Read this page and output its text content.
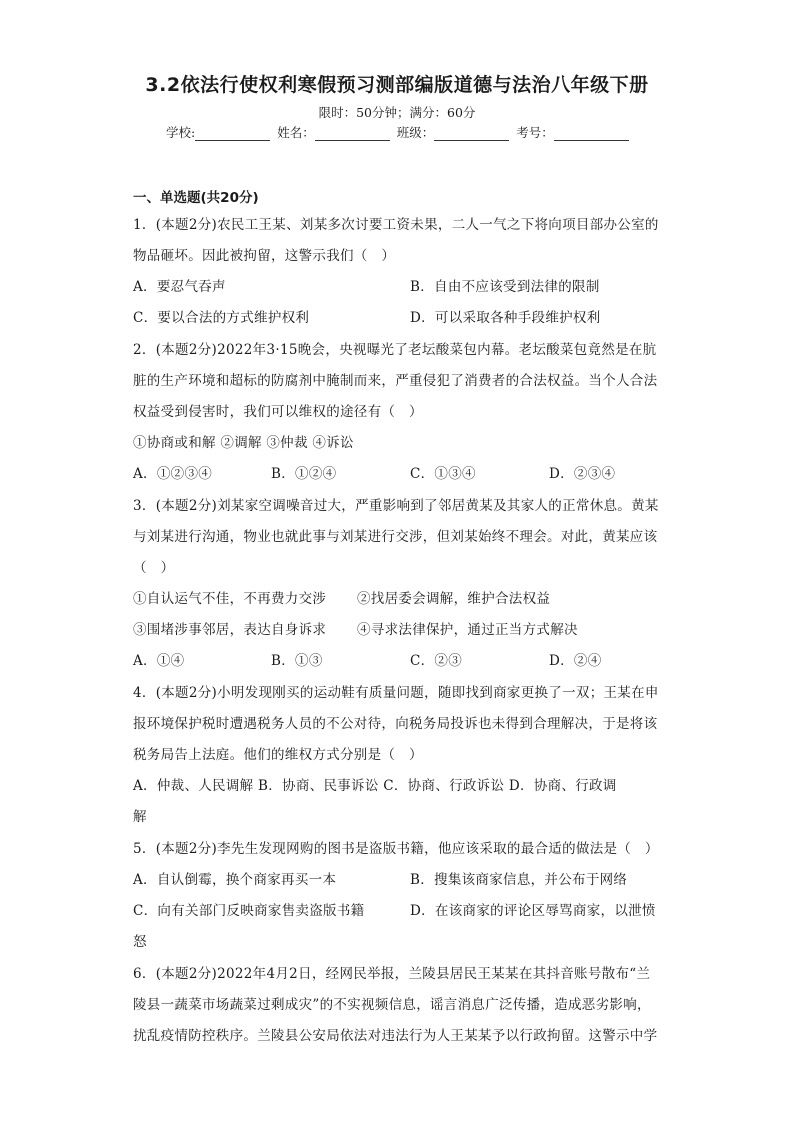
3.2依法行使权利寒假预习测部编版道德与法治八年级下册
限时：50分钟；满分：60分
学校:	姓名：	班级：	考号：
一、单选题(共20分)
1．(本题2分)农民工王某、刘某多次讨要工资未果，二人一气之下将向项目部办公室的
物品砸坏。因此被拘留，这警示我们（　）
A．要忍气吞声	B．自由不应该受到法律的限制
C．要以合法的方式维护权利	D．可以采取各种手段维护权利
2．(本题2分)2022年3·15晚会，央视曝光了老坛酸菜包内幕。老坛酸菜包竟然是在肮
脏的生产环境和超标的防腐剂中腌制而来，严重侵犯了消费者的合法权益。当个人合法
权益受到侵害时，我们可以维权的途径有（　）
①协商或和解 ②调解 ③仲裁 ④诉讼
A．①②③④	B．①②④	C．①③④	D．②③④
3．(本题2分)刘某家空调噪音过大，严重影响到了邻居黄某及其家人的正常休息。黄某
与刘某进行沟通，物业也就此事与刘某进行交涉，但刘某始终不理会。对此，黄某应该
（　）
①自认运气不佳，不再费力交涉 ②找居委会调解，维护合法权益
③围堵涉事邻居，表达自身诉求 ④寻求法律保护，通过正当方式解决
A．①④	B．①③	C．②③	D．②④
4．(本题2分)小明发现刚买的运动鞋有质量问题，随即找到商家更换了一双；王某在申
报环境保护税时遭遇税务人员的不公对待，向税务局投诉也未得到合理解决，于是将该
税务局告上法庭。他们的维权方式分别是（　）
A．仲裁、人民调解 B．协商、民事诉讼 C．协商、行政诉讼 D．协商、行政调
解
5．(本题2分)李先生发现网购的图书是盗版书籍，他应该采取的最合适的做法是（　）
A．自认倒霉，换个商家再买一本	B．搜集该商家信息，并公布于网络
C．向有关部门反映商家售卖盗版书籍	D．在该商家的评论区辱骂商家，以泄愤
怒
6．(本题2分)2022年4月2日，经网民举报，兰陵县居民王某某在其抖音账号散布“兰
陵县一蔬菜市场蔬菜过剩成灾”的不实视频信息，谣言消息广泛传播，造成恶劣影响，
扰乱疫情防控秩序。兰陵县公安局依法对违法行为人王某某予以行政拘留。这警示中学
